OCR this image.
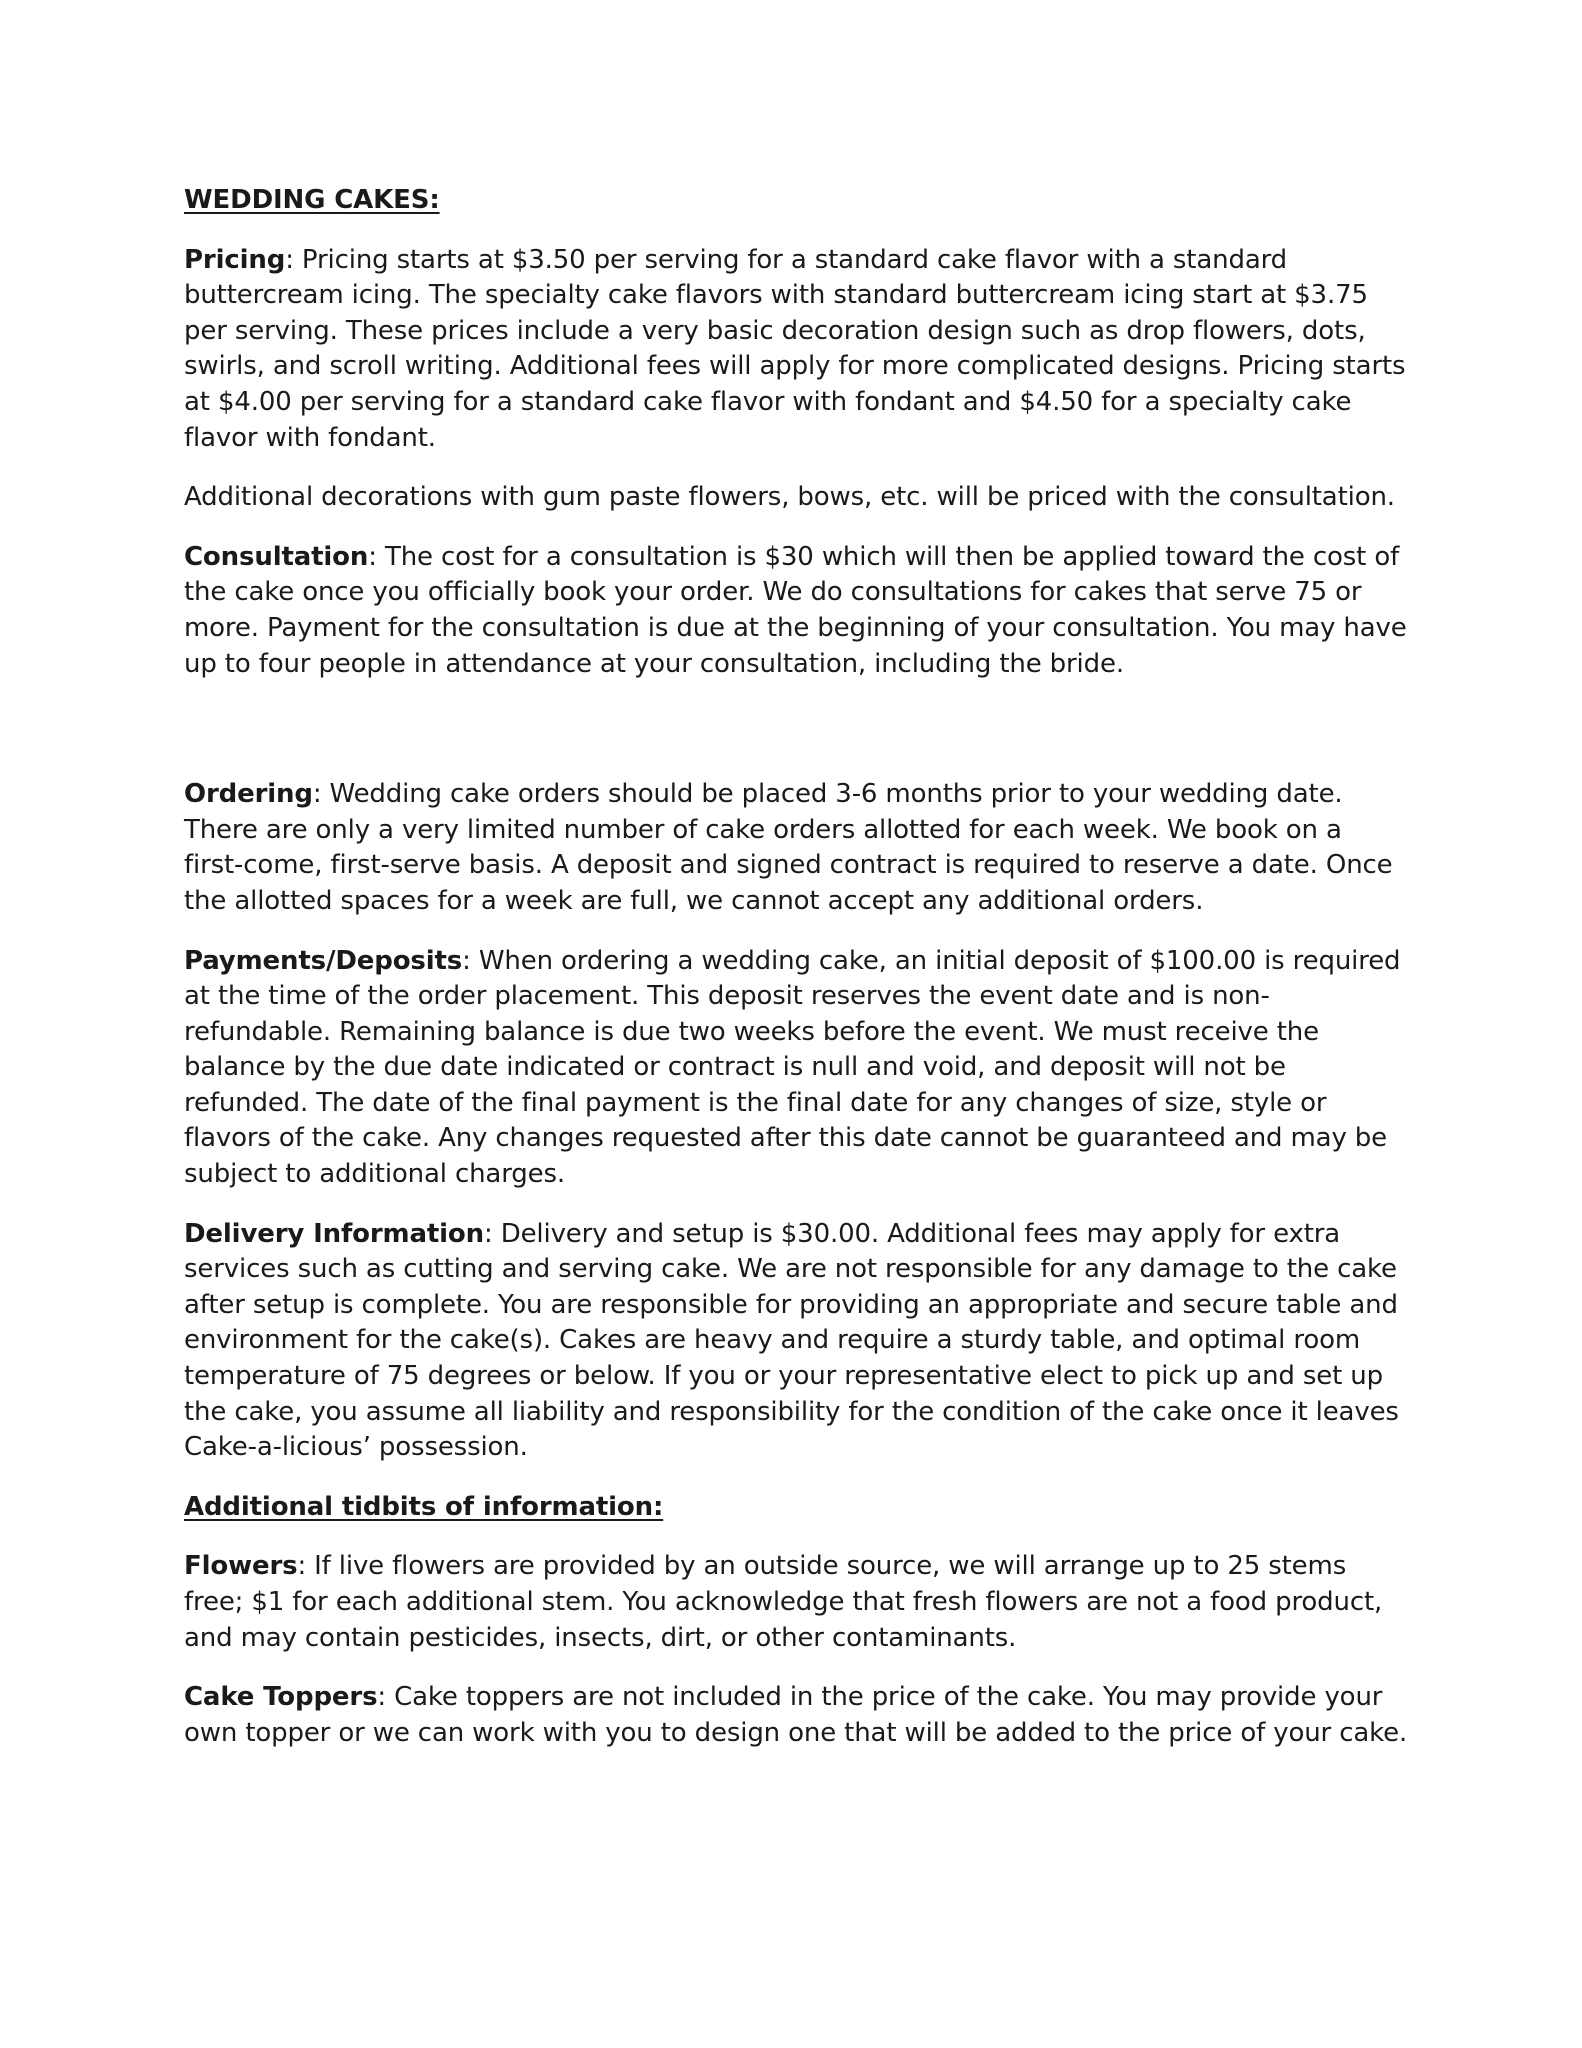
WEDDING CAKES:

Pricing: Pricing starts at $3.50 per serving for a standard cake flavor with a standard buttercream icing. The specialty cake flavors with standard buttercream icing start at $3.75 per serving. These prices include a very basic decoration design such as drop flowers, dots, swirls, and scroll writing. Additional fees will apply for more complicated designs. Pricing starts at $4.00 per serving for a standard cake flavor with fondant and $4.50 for a specialty cake flavor with fondant.

Additional decorations with gum paste flowers, bows, etc. will be priced with the consultation.

Consultation: The cost for a consultation is $30 which will then be applied toward the cost of the cake once you officially book your order. We do consultations for cakes that serve 75 or more. Payment for the consultation is due at the beginning of your consultation. You may have up to four people in attendance at your consultation, including the bride.

Ordering: Wedding cake orders should be placed 3-6 months prior to your wedding date. There are only a very limited number of cake orders allotted for each week. We book on a first-come, first-serve basis. A deposit and signed contract is required to reserve a date. Once the allotted spaces for a week are full, we cannot accept any additional orders.

Payments/Deposits: When ordering a wedding cake, an initial deposit of $100.00 is required at the time of the order placement. This deposit reserves the event date and is non-refundable. Remaining balance is due two weeks before the event. We must receive the balance by the due date indicated or contract is null and void, and deposit will not be refunded. The date of the final payment is the final date for any changes of size, style or flavors of the cake. Any changes requested after this date cannot be guaranteed and may be subject to additional charges.

Delivery Information: Delivery and setup is $30.00. Additional fees may apply for extra services such as cutting and serving cake. We are not responsible for any damage to the cake after setup is complete. You are responsible for providing an appropriate and secure table and environment for the cake(s). Cakes are heavy and require a sturdy table, and optimal room temperature of 75 degrees or below. If you or your representative elect to pick up and set up the cake, you assume all liability and responsibility for the condition of the cake once it leaves Cake-a-licious’ possession.

Additional tidbits of information:

Flowers: If live flowers are provided by an outside source, we will arrange up to 25 stems free; $1 for each additional stem. You acknowledge that fresh flowers are not a food product, and may contain pesticides, insects, dirt, or other contaminants.

Cake Toppers: Cake toppers are not included in the price of the cake. You may provide your own topper or we can work with you to design one that will be added to the price of your cake.
